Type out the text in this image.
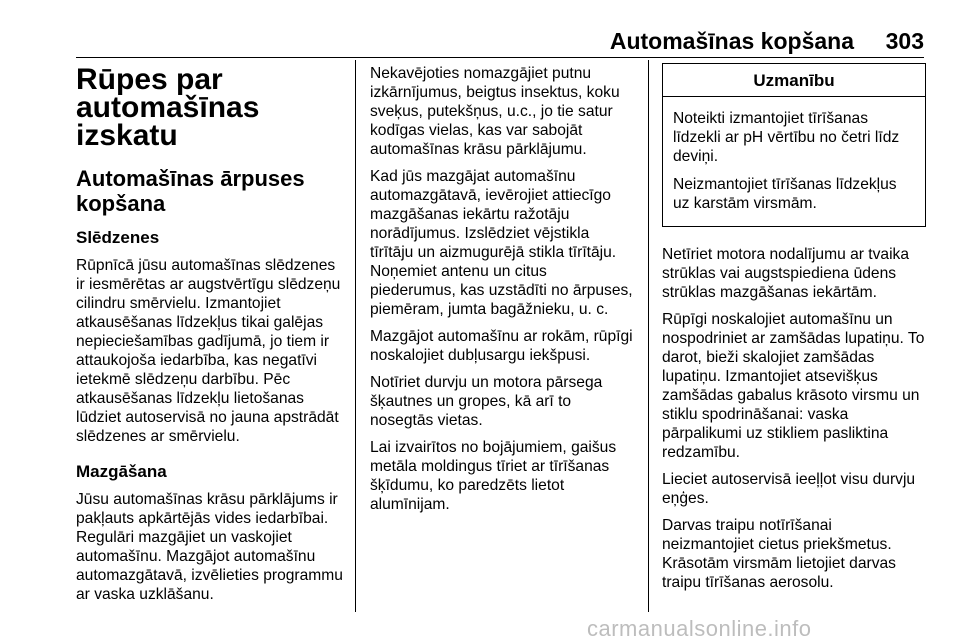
Automašīnas kopšana 303
Rūpes par automašīnas izskatu
Automašīnas ārpuses kopšana
Slēdzenes

Rūpnīcā jūsu automašīnas slēdzenes ir iesmērētas ar augstvērtīgu slēdzeņu cilindru smērvielu. Izmantojiet atkausēšanas līdzekļus tikai galējas nepieciešamības gadījumā, jo tiem ir attaukojoša iedarbība, kas negatīvi ietekmē slēdzeņu darbību. Pēc atkausēšanas līdzekļu lietošanas lūdziet autoservisā no jauna apstrādāt slēdzenes ar smērvielu.

Mazgāšana

Jūsu automašīnas krāsu pārklājums ir pakļauts apkārtējās vides iedarbībai. Regulāri mazgājiet un vaskojiet automašīnu. Mazgājot automašīnu automazgātavā, izvēlieties programmu ar vaska uzklāšanu.

Nekavējoties nomazgājiet putnu izkārnījumus, beigtus insektus, koku sveķus, putekšņus, u.c., jo tie satur kodīgas vielas, kas var sabojāt automašīnas krāsu pārklājumu.

Kad jūs mazgājat automašīnu automazgātavā, ievērojiet attiecīgo mazgāšanas iekārtu ražotāju norādījumus. Izslēdziet vējstikla tīrītāju un aizmugurējā stikla tīrītāju. Noņemiet antenu un citus piederumus, kas uzstādīti no ārpuses, piemēram, jumta bagāžnieku, u. c.

Mazgājot automašīnu ar rokām, rūpīgi noskalojiet dubļusargu iekšpusi.

Notīriet durvju un motora pārsega šķautnes un gropes, kā arī to nosegtās vietas.

Lai izvairītos no bojājumiem, gaišus metāla moldingus tīriet ar tīrīšanas šķīdumu, ko paredzēts lietot alumīnijam.

Uzmanību

Noteikti izmantojiet tīrīšanas līdzekli ar pH vērtību no četri līdz deviņi.

Neizmantojiet tīrīšanas līdzekļus uz karstām virsmām.

Netīriet motora nodalījumu ar tvaika strūklas vai augstspiediena ūdens strūklas mazgāšanas iekārtām.

Rūpīgi noskalojiet automašīnu un nospodriniet ar zamšādas lupatiņu. To darot, bieži skalojiet zamšādas lupatiņu. Izmantojiet atsevišķus zamšādas gabalus krāsoto virsmu un stiklu spodrināšanai: vaska pārpalikumi uz stikliem pasliktina redzamību.

Lieciet autoservisā ieeļļot visu durvju eņģes.

Darvas traipu notīrīšanai neizmantojiet cietus priekšmetus. Krāsotām virsmām lietojiet darvas traipu tīrīšanas aerosolu.

carmanualsonline.info
